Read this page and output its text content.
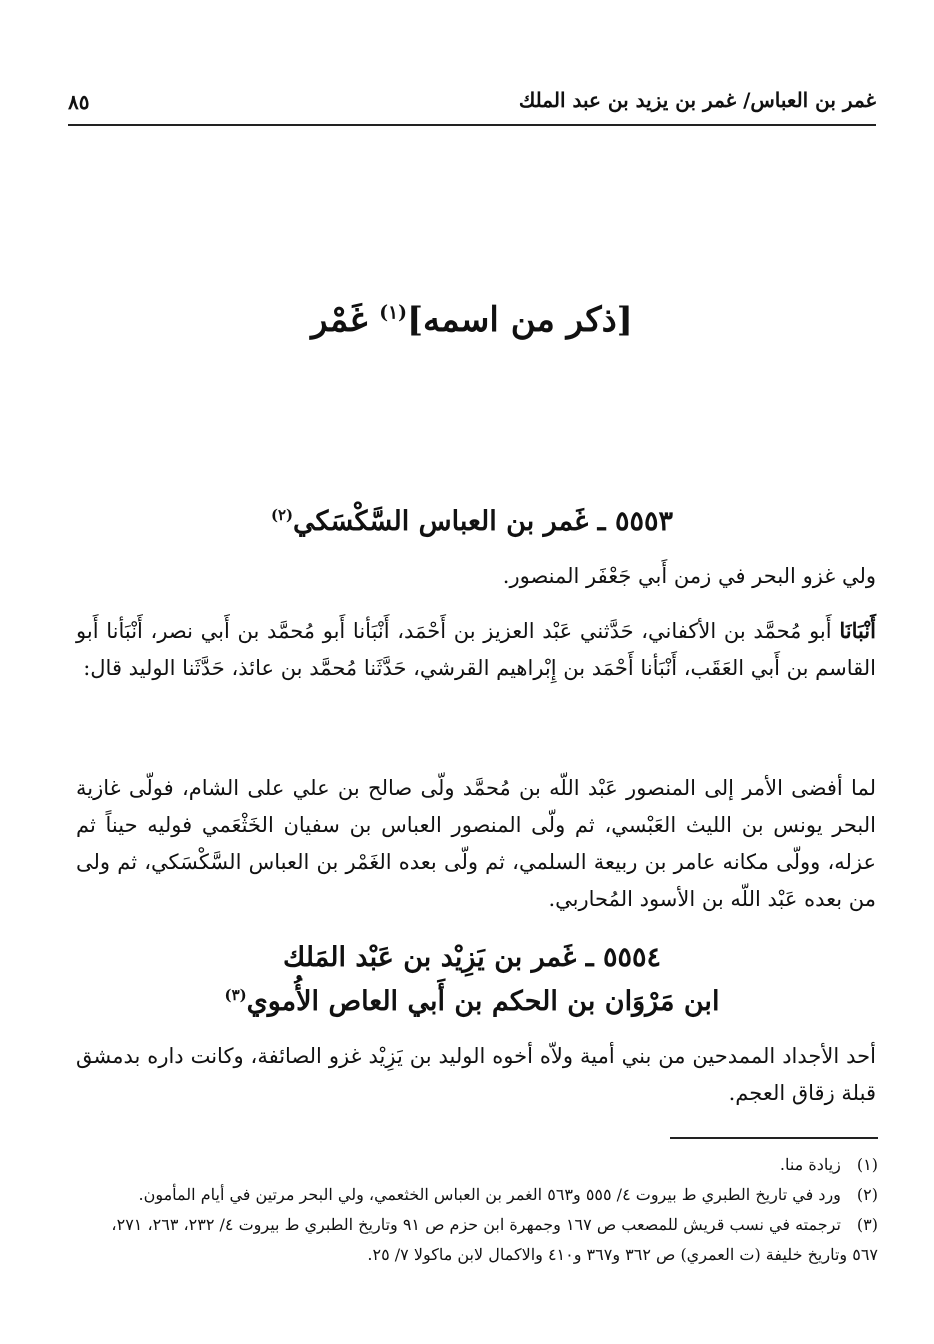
غمر بن العباس/ غمر بن يزيد بن عبد الملك
٨٥
[ذكر من اسمه]$^{(١)}$ غَمْر
٥٥٥٣ ـ غَمر بن العباس السَّكْسَكي$^{(٢)}$
ولي غزو البحر في زمن أَبي جَعْفَر المنصور.
أَنْبَانَا أَبو مُحمَّد بن الأكفاني، حَدَّثني عَبْد العزيز بن أَحْمَد، أَنْبَأنا أَبو مُحمَّد بن أَبي نصر، أَنْبَأنا أَبو القاسم بن أَبي العَقَب، أَنْبَأنا أَحْمَد بن إِبْراهيم القرشي، حَدَّثَنا مُحمَّد بن عائذ، حَدَّثَنا الوليد قال:
لما أفضى الأمر إلى المنصور عَبْد اللّه بن مُحمَّد ولّى صالح بن علي على الشام، فولّى غازية البحر يونس بن الليث العَبْسي، ثم ولّى المنصور العباس بن سفيان الخَثْعَمي فوليه حيناً ثم عزله، وولّى مكانه عامر بن ربيعة السلمي، ثم ولّى بعده الغَمْر بن العباس السَّكْسَكي، ثم ولى من بعده عَبْد اللّه بن الأسود المُحاربي.
٥٥٥٤ ـ غَمر بن يَزِيْد بن عَبْد المَلك
ابن مَرْوَان بن الحكم بن أَبي العاص الأُموي$^{(٣)}$
أحد الأجداد الممدحين من بني أمية ولاّه أخوه الوليد بن يَزِيْد غزو الصائفة، وكانت داره بدمشق قبلة زقاق العجم.

(١) زيادة منا.

(٢) ورد في تاريخ الطبري ط بيروت ٤/ ٥٥٥ و٥٦٣ الغمر بن العباس الخثعمي، ولي البحر مرتين في أيام المأمون.

(٣) ترجمته في نسب قريش للمصعب ص ١٦٧ وجمهرة ابن حزم ص ٩١ وتاريخ الطبري ط بيروت ٤/ ٢٣٢، ٢٦٣، ٢٧١، ٥٦٧ وتاريخ خليفة (ت العمري) ص ٣٦٢ و٣٦٧ و٤١٠ والاكمال لابن ماكولا ٧/ ٢٥.
